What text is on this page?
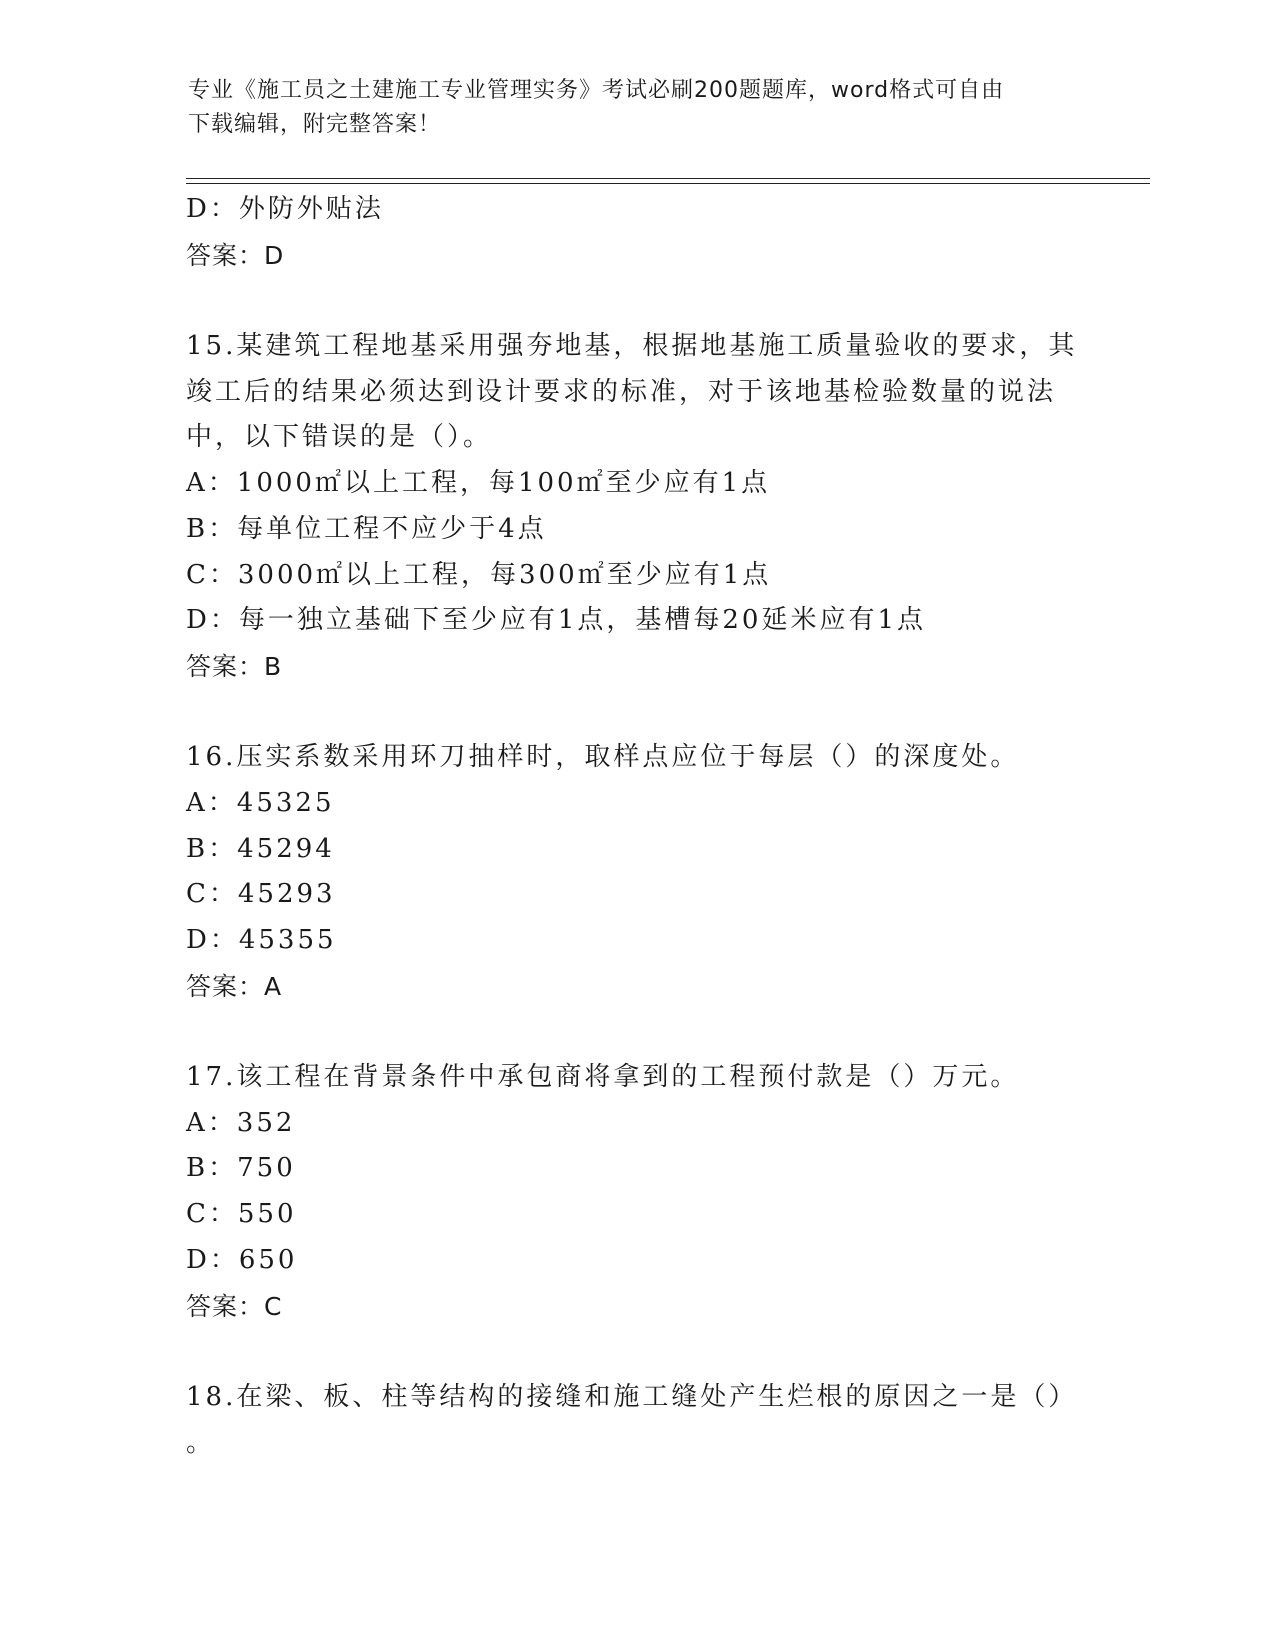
专业《施工员之土建施工专业管理实务》考试必刷200题题库，word格式可自由
下载编辑，附完整答案！
D：外防外贴法
答案：D
15.某建筑工程地基采用强夯地基，根据地基施工质量验收的要求，其
竣工后的结果必须达到设计要求的标准，对于该地基检验数量的说法
中，以下错误的是（）。
A：1000㎡以上工程，每100㎡至少应有1点
B：每单位工程不应少于4点
C：3000㎡以上工程，每300㎡至少应有1点
D：每一独立基础下至少应有1点，基槽每20延米应有1点
答案：B
16.压实系数采用环刀抽样时，取样点应位于每层（）的深度处。
A：45325
B：45294
C：45293
D：45355
答案：A
17.该工程在背景条件中承包商将拿到的工程预付款是（）万元。
A：352
B：750
C：550
D：650
答案：C
18.在梁、板、柱等结构的接缝和施工缝处产生烂根的原因之一是（）
。
